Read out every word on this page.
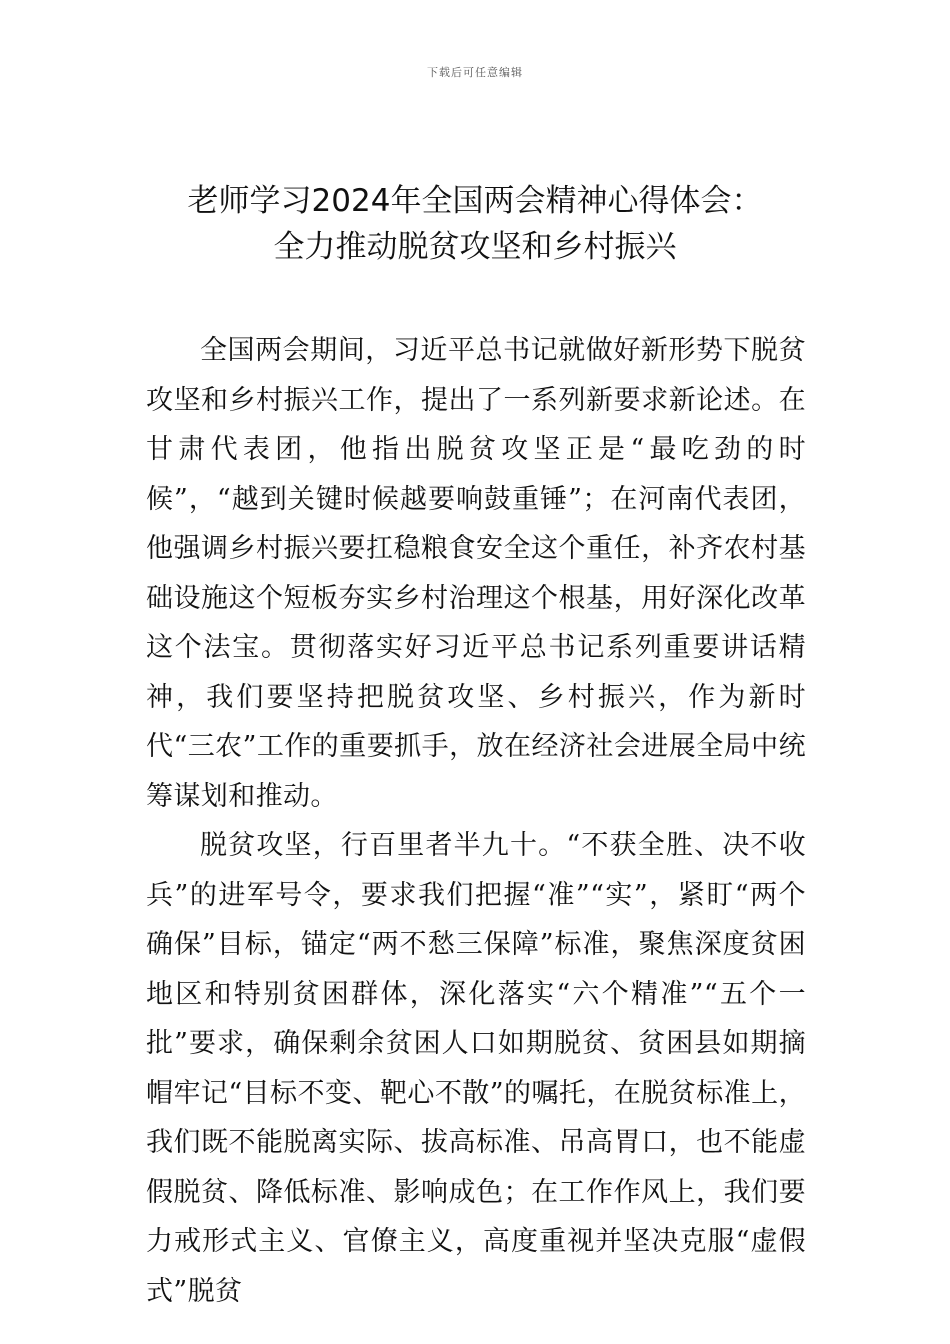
下载后可任意编辑
老师学习2024年全国两会精神心得体会：
全力推动脱贫攻坚和乡村振兴

全国两会期间，习近平总书记就做好新形势下脱贫攻坚和乡村振兴工作，提出了一系列新要求新论述。在甘肃代表团，他指出脱贫攻坚正是“最吃劲的时候”，“越到关键时候越要响鼓重锤”；在河南代表团，他强调乡村振兴要扛稳粮食安全这个重任，补齐农村基础设施这个短板夯实乡村治理这个根基，用好深化改革这个法宝。贯彻落实好习近平总书记系列重要讲话精神，我们要坚持把脱贫攻坚、乡村振兴，作为新时代“三农”工作的重要抓手，放在经济社会进展全局中统筹谋划和推动。

脱贫攻坚，行百里者半九十。“不获全胜、决不收兵”的进军号令，要求我们把握“准”“实”，紧盯“两个确保”目标，锚定“两不愁三保障”标准，聚焦深度贫困地区和特别贫困群体，深化落实“六个精准”“五个一批”要求，确保剩余贫困人口如期脱贫、贫困县如期摘帽牢记“目标不变、靶心不散”的嘱托，在脱贫标准上，我们既不能脱离实际、拔高标准、吊高胃口，也不能虚假脱贫、降低标准、影响成色；在工作作风上，我们要力戒形式主义、官僚主义，高度重视并坚决克服“虚假式”脱贫
